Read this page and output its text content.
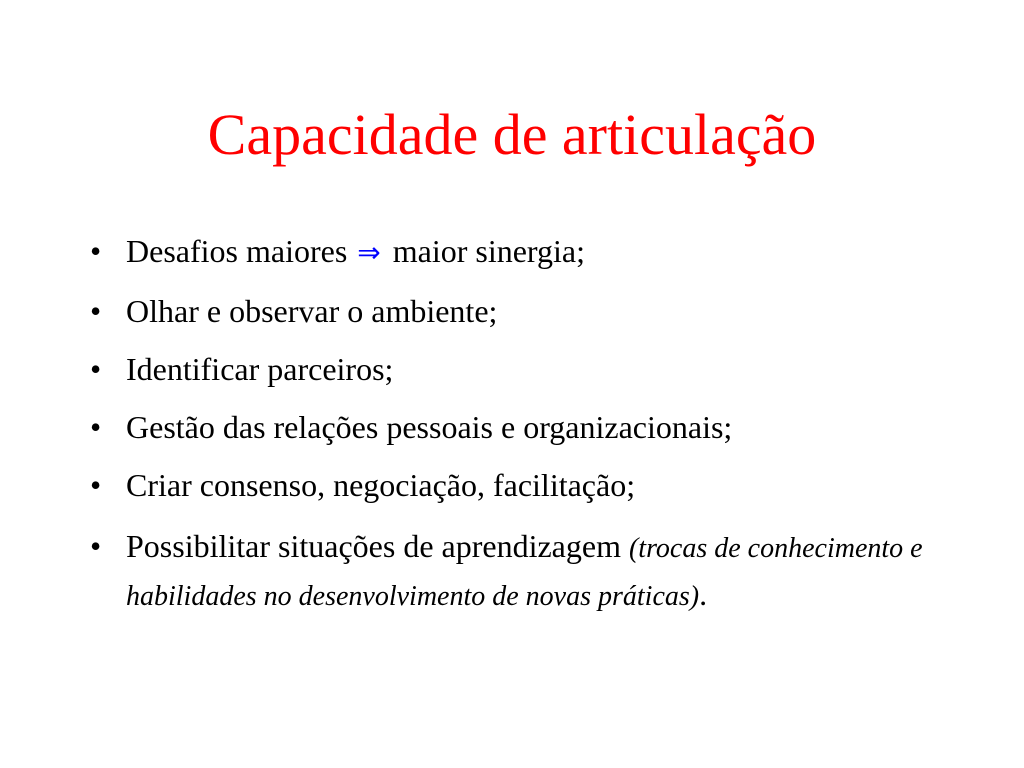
Capacidade de articulação
• Desafios maiores ⇒ maior sinergia;
• Olhar e observar o ambiente;
• Identificar parceiros;
• Gestão das relações pessoais e organizacionais;
• Criar consenso, negociação, facilitação;
• Possibilitar situações de aprendizagem (trocas de conhecimento e habilidades no desenvolvimento de novas práticas).
